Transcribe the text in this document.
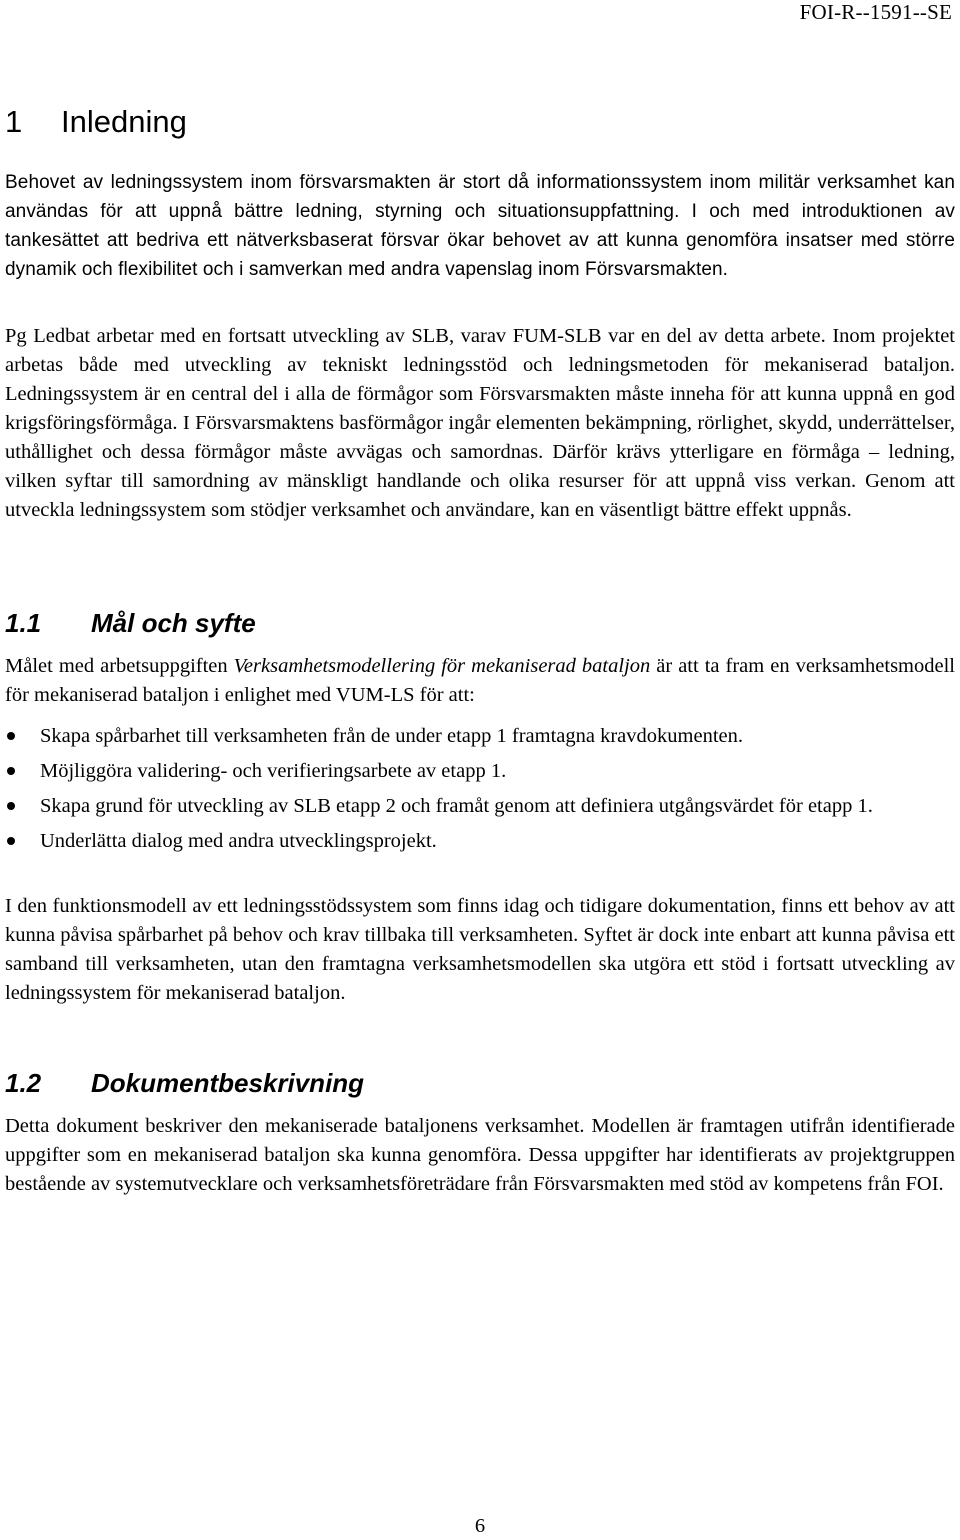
FOI-R--1591--SE
1 Inledning

Behovet av ledningssystem inom försvarsmakten är stort då informationssystem inom militär verksamhet kan användas för att uppnå bättre ledning, styrning och situationsuppfattning. I och med introduktionen av tankesättet att bedriva ett nätverksbaserat försvar ökar behovet av att kunna genomföra insatser med större dynamik och flexibilitet och i samverkan med andra vapenslag inom Försvarsmakten.

Pg Ledbat arbetar med en fortsatt utveckling av SLB, varav FUM-SLB var en del av detta arbete. Inom projektet arbetas både med utveckling av tekniskt ledningsstöd och ledningsmetoden för mekaniserad bataljon. Ledningssystem är en central del i alla de förmågor som Försvarsmakten måste inneha för att kunna uppnå en god krigsföringsförmåga. I Försvarsmaktens basförmågor ingår elementen bekämpning, rörlighet, skydd, underrättelser, uthållighet och dessa förmågor måste avvägas och samordnas. Därför krävs ytterligare en förmåga – ledning, vilken syftar till samordning av mänskligt handlande och olika resurser för att uppnå viss verkan. Genom att utveckla ledningssystem som stödjer verksamhet och användare, kan en väsentligt bättre effekt uppnås.

1.1 Mål och syfte

Målet med arbetsuppgiften Verksamhetsmodellering för mekaniserad bataljon är att ta fram en verksamhetsmodell för mekaniserad bataljon i enlighet med VUM-LS för att:

Skapa spårbarhet till verksamheten från de under etapp 1 framtagna kravdokumenten.
Möjliggöra validering- och verifieringsarbete av etapp 1.
Skapa grund för utveckling av SLB etapp 2 och framåt genom att definiera utgångsvärdet för etapp 1.
Underlätta dialog med andra utvecklingsprojekt.

I den funktionsmodell av ett ledningsstödssystem som finns idag och tidigare dokumentation, finns ett behov av att kunna påvisa spårbarhet på behov och krav tillbaka till verksamheten. Syftet är dock inte enbart att kunna påvisa ett samband till verksamheten, utan den framtagna verksamhetsmodellen ska utgöra ett stöd i fortsatt utveckling av ledningssystem för mekaniserad bataljon.

1.2 Dokumentbeskrivning

Detta dokument beskriver den mekaniserade bataljonens verksamhet. Modellen är framtagen utifrån identifierade uppgifter som en mekaniserad bataljon ska kunna genomföra. Dessa uppgifter har identifierats av projektgruppen bestående av systemutvecklare och verksamhetsföreträdare från Försvarsmakten med stöd av kompetens från FOI.

6
